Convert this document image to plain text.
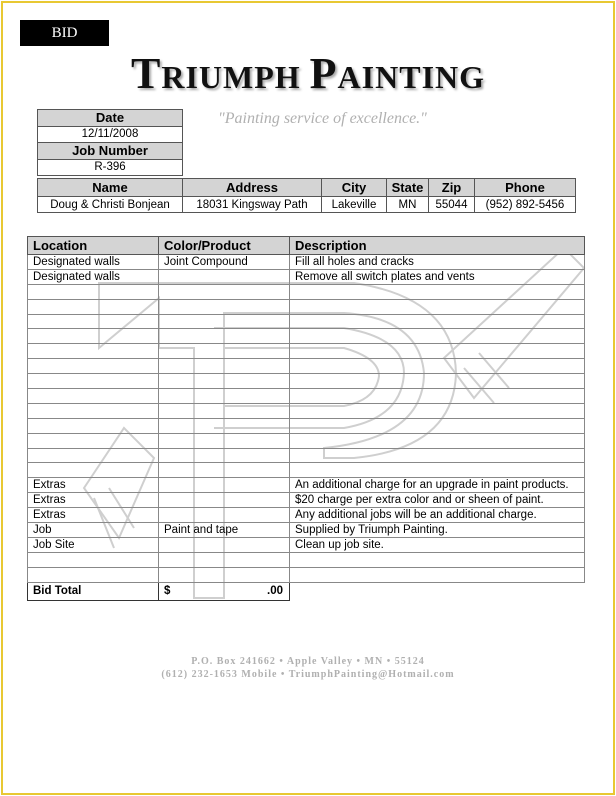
BID
TRIUMPH PAINTING
"Painting service of excellence."
Date
12/11/2008
Job Number
R-396
Name	Address	City	State	Zip	Phone
Doug & Christi Bonjean	18031 Kingsway Path	Lakeville	MN	55044	(952) 892-5456
Location	Color/Product	Description
Designated walls	Joint Compound	Fill all holes and cracks
Designated walls		Remove all switch plates and vents

Extras		An additional charge for an upgrade in paint products.
Extras		$20 charge per extra color and or sheen of paint.
Extras		Any additional jobs will be an additional charge.
Job	Paint and tape	Supplied by Triumph Painting.
Job Site		Clean up job site.

Bid Total	$ .00	

P.O. Box 241662 • Apple Valley • MN • 55124
(612) 232-1653 Mobile • TriumphPainting@Hotmail.com
